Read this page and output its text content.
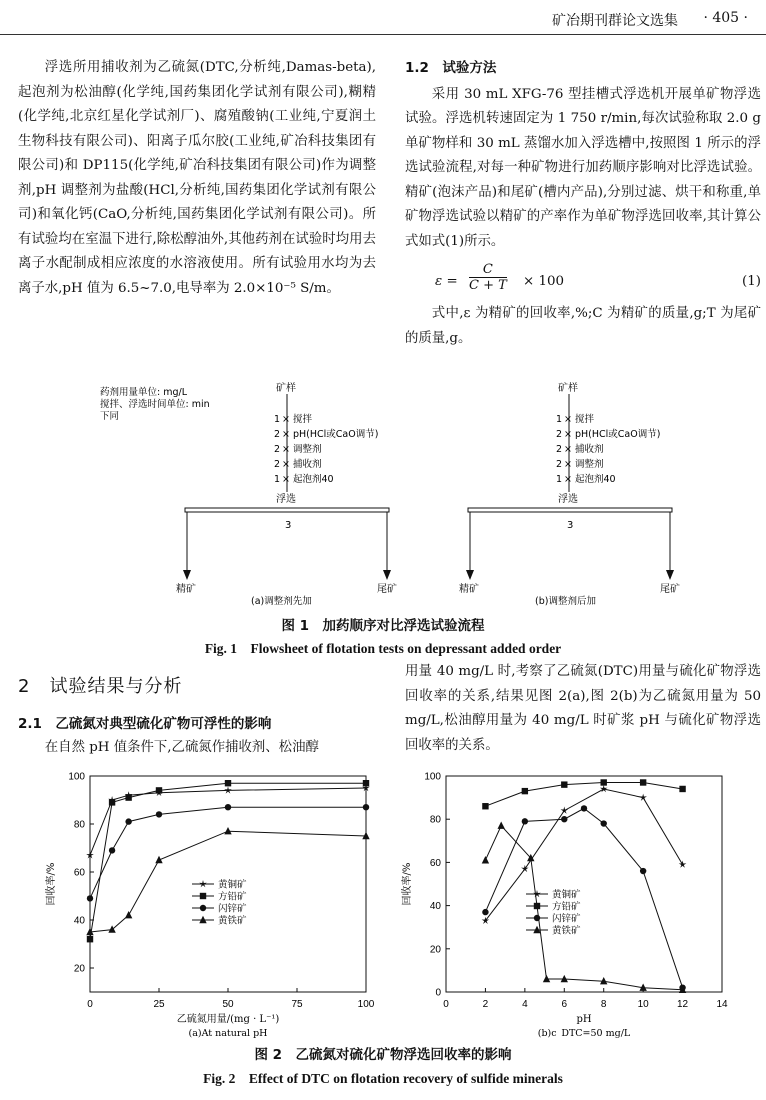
矿冶期刊群论文选集 · 405 ·

浮选所用捕收剂为乙硫氮(DTC,分析纯,Damas-beta),起泡剂为松油醇(化学纯,国药集团化学试剂有限公司),糊精(化学纯,北京红星化学试剂厂)、腐殖酸钠(工业纯,宁夏润土生物科技有限公司)、阳离子瓜尔胶(工业纯,矿冶科技集团有限公司)和 DP115(化学纯,矿冶科技集团有限公司)作为调整剂,pH 调整剂为盐酸(HCl,分析纯,国药集团化学试剂有限公司)和氧化钙(CaO,分析纯,国药集团化学试剂有限公司)。所有试验均在室温下进行,除松醇油外,其他药剂在试验时均用去离子水配制成相应浓度的水溶液使用。所有试验用水均为去离子水,pH 值为 6.5~7.0,电导率为 2.0×10⁻⁵ S/m。

1.2　试验方法

采用 30 mL XFG-76 型挂槽式浮选机开展单矿物浮选试验。浮选机转速固定为 1 750 r/min,每次试验称取 2.0 g 单矿物样和 30 mL 蒸馏水加入浮选槽中,按照图 1 所示的浮选试验流程,对每一种矿物进行加药顺序影响对比浮选试验。精矿(泡沫产品)和尾矿(槽内产品),分别过滤、烘干和称重,单矿物浮选试验以精矿的产率作为单矿物浮选回收率,其计算公式如式(1)所示。

$\varepsilon = \frac{C}{C + T} \times 100$	(1)

式中,ε 为精矿的回收率,%;C 为精矿的质量,g;T 为尾矿的质量,g。

药剂用量单位: mg/L
搅拌、浮选时间单位: min
下同
矿样
1 × 搅拌
2 × pH(HCl或CaO调节)
2 × 调整剂
2 × 捕收剂
1 × 起泡剂40
浮选
3
精矿	尾矿
(a)调整剂先加
矿样
1 × 搅拌
2 × pH(HCl或CaO调节)
2 × 捕收剂
2 × 调整剂
1 × 起泡剂40
浮选
3
精矿	尾矿
(b)调整剂后加
图 1　加药顺序对比浮选试验流程
Fig. 1　Flowsheet of flotation tests on depressant added order
2　试验结果与分析
2.1　乙硫氮对典型硫化矿物可浮性的影响
在自然 pH 值条件下,乙硫氮作捕收剂、松油醇
用量 40 mg/L 时,考察了乙硫氮(DTC)用量与硫化矿物浮选回收率的关系,结果见图 2(a),图 2(b)为乙硫氮用量为 50 mg/L,松油醇用量为 40 mg/L 时矿浆 pH 与硫化矿物浮选回收率的关系。
20
40
60
80
100
0	25	50	75	100
回收率/%
乙硫氮用量/(mg · L⁻¹)
(a)At natural pH
黄铜矿
方铅矿
闪锌矿
黄铁矿
0
20
40
60
80
100
0	2	4	6	8	10	12	14
回收率/%
pH
(b)c_DTC=50 mg/L
黄铜矿
方铅矿
闪锌矿
黄铁矿
图 2　乙硫氮对硫化矿物浮选回收率的影响
Fig. 2　Effect of DTC on flotation recovery of sulfide minerals
